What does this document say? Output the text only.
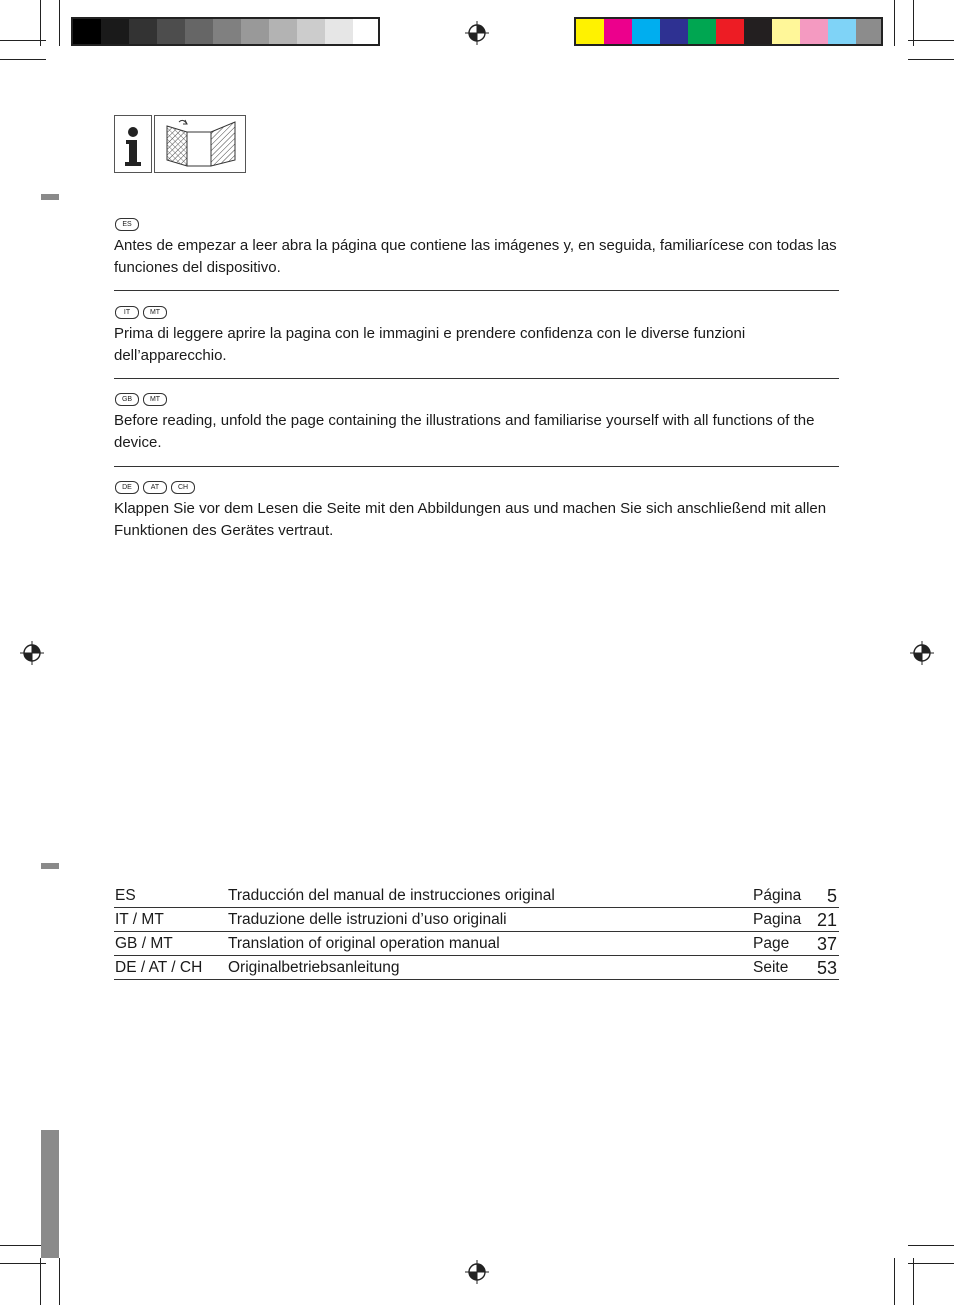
ES
Antes de empezar a leer abra la página que contiene las imágenes y, en seguida, familiarícese con todas las funciones del dispositivo.
IT	MT
Prima di leggere aprire la pagina con le immagini e prendere confidenza con le diverse funzioni dell’apparecchio.
GB	MT
Before reading, unfold the page containing the illustrations and familiarise yourself with all functions of the device.
DE	AT	CH
Klappen Sie vor dem Lesen die Seite mit den Abbildungen aus und machen Sie sich anschließend mit allen Funktionen des Gerätes vertraut.
ES	Traducción del manual de instrucciones original	Página 5
IT / MT	Traduzione delle istruzioni d’uso originali	Pagina 21
GB / MT	Translation of original operation manual	Page 37
DE / AT / CH Originalbetriebsanleitung	Seite 53
